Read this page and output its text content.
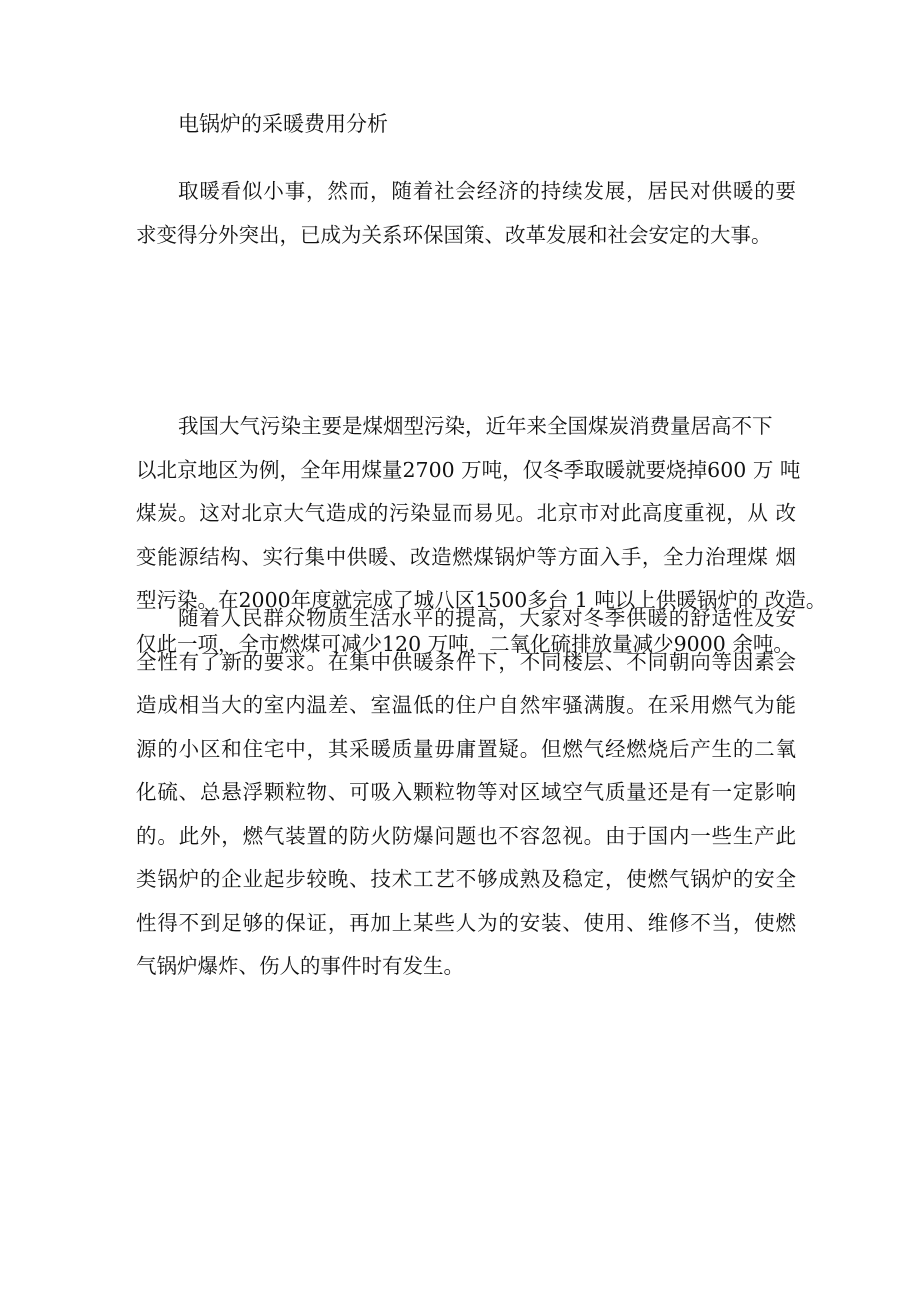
电锅炉的采暖费用分析
取暖看似小事，然而，随着社会经济的持续发展，居民对供暖的要
求变得分外突出，已成为关系环保国策、改革发展和社会安定的大事。
我国大气污染主要是煤烟型污染，近年来全国煤炭消费量居高不下
以北京地区为例，全年用煤量2700 万吨，仅冬季取暖就要烧掉600 万 吨
煤炭。这对北京大气造成的污染显而易见。北京市对此高度重视，从 改
变能源结构、实行集中供暖、改造燃煤锅炉等方面入手，全力治理煤 烟
型污染。在2000年度就完成了城八区1500多台 1 吨以上供暖锅炉的 改造。
仅此一项，全市燃煤可减少120 万吨，二氧化硫排放量减少9000 余吨。
随着人民群众物质生活水平的提高，大家对冬季供暖的舒适性及安
全性有了新的要求。在集中供暖条件下，不同楼层、不同朝向等因素会
造成相当大的室内温差、室温低的住户自然牢骚满腹。在采用燃气为能
源的小区和住宅中，其采暖质量毋庸置疑。但燃气经燃烧后产生的二氧
化硫、总悬浮颗粒物、可吸入颗粒物等对区域空气质量还是有一定影响
的。此外，燃气装置的防火防爆问题也不容忽视。由于国内一些生产此
类锅炉的企业起步较晚、技术工艺不够成熟及稳定，使燃气锅炉的安全
性得不到足够的保证，再加上某些人为的安装、使用、维修不当，使燃
气锅炉爆炸、伤人的事件时有发生。
